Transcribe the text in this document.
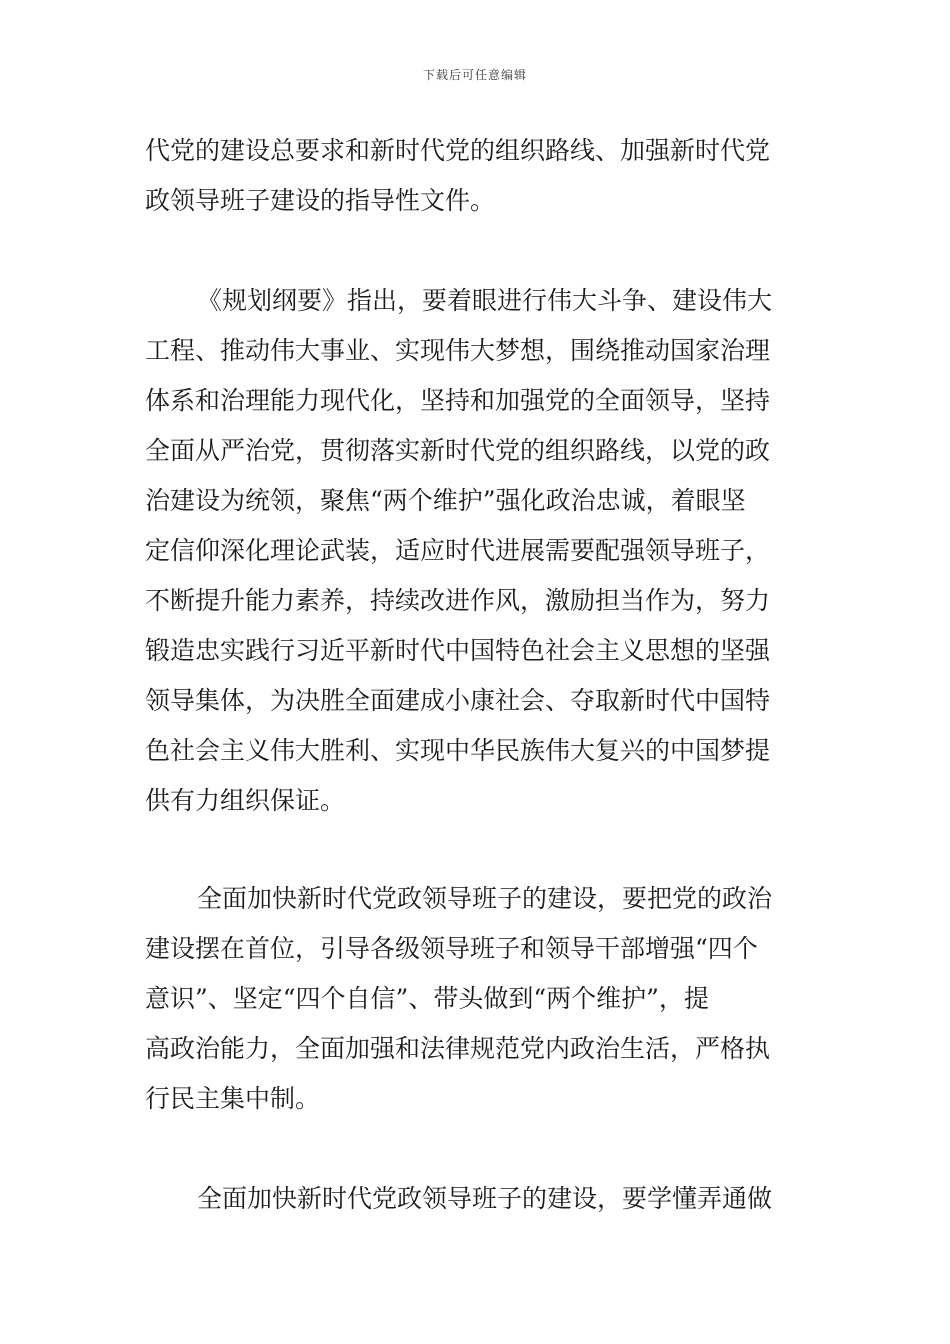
下载后可任意编辑
代党的建设总要求和新时代党的组织路线、加强新时代党
政领导班子建设的指导性文件。
《规划纲要》指出，要着眼进行伟大斗争、建设伟大
工程、推动伟大事业、实现伟大梦想，围绕推动国家治理
体系和治理能力现代化，坚持和加强党的全面领导，坚持
全面从严治党，贯彻落实新时代党的组织路线，以党的政
治建设为统领，聚焦“两个维护”强化政治忠诚，着眼坚
定信仰深化理论武装，适应时代进展需要配强领导班子，
不断提升能力素养，持续改进作风，激励担当作为，努力
锻造忠实践行习近平新时代中国特色社会主义思想的坚强
领导集体，为决胜全面建成小康社会、夺取新时代中国特
色社会主义伟大胜利、实现中华民族伟大复兴的中国梦提
供有力组织保证。
全面加快新时代党政领导班子的建设，要把党的政治
建设摆在首位，引导各级领导班子和领导干部增强“四个
意识”、坚定“四个自信”、带头做到“两个维护”，提
高政治能力，全面加强和法律规范党内政治生活，严格执
行民主集中制。
全面加快新时代党政领导班子的建设，要学懂弄通做
